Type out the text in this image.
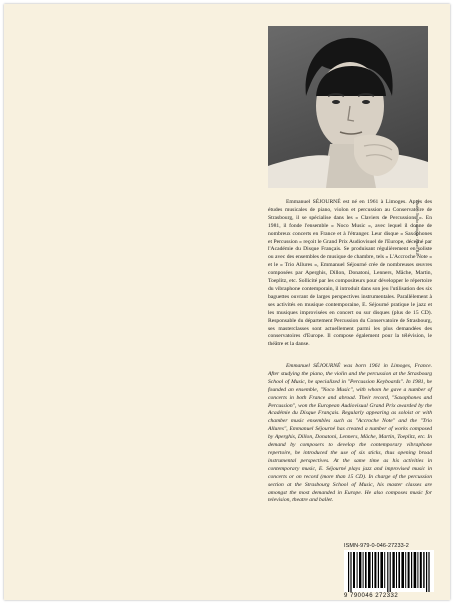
Photo : Studio optique · Photo B.L.

Emmanuel SÉJOURNÉ est né en 1961 à Limoges. Après des études musicales de piano, violon et percussion au Conservatoire de Strasbourg, il se spécialise dans les « Claviers de Percussions ». En 1981, il fonde l'ensemble « Noco Music », avec lequel il donne de nombreux concerts en France et à l'étranger. Leur disque « Saxophones et Percussion » reçoit le Grand Prix Audiovisuel de l'Europe, décerné par l'Académie du Disque Français. Se produisant régulièrement en soliste ou avec des ensembles de musique de chambre, tels « L'Accroche Note » et le « Trio Allures », Emmanuel Séjourné crée de nombreuses œuvres composées par Aperghis, Dillon, Donatoni, Lenners, Mâche, Martin, Toeplitz, etc. Sollicité par les compositeurs pour développer le répertoire du vibraphone contemporain, il introduit dans son jeu l'utilisation des six baguettes ouvrant de larges perspectives instrumentales. Parallèlement à ses activités en musique contemporaine, E. Séjourné pratique le jazz et les musiques improvisées en concert ou sur disques (plus de 15 CD). Responsable du département Percussion du Conservatoire de Strasbourg, ses masterclasses sont actuellement parmi les plus demandées des conservatoires d'Europe. Il compose également pour la télévision, le théâtre et la danse.

Emmanuel SÉJOURNÉ was born 1961 in Limoges, France. After studying the piano, the violin and the percussion at the Strasbourg School of Music, he specialized in "Percussion Keyboards". In 1981, he founded an ensemble, "Noco Music", with whom he gave a number of concerts in both France and abroad. Their record, "Saxophones and Percussion", won the European Audiovisual Grand Prix awarded by the Académie du Disque Français. Regularly appearing as soloist or with chamber music ensembles such as "Accroche Note" and the "Trio Allures", Emmanuel Séjourné has created a number of works composed by Aperghis, Dillon, Donatoni, Lenners, Mâche, Martin, Toeplitz, etc. In demand by composers to develop the contemporary vibraphone repertoire, he introduced the use of six sticks, thus opening broad instrumental perspectives. At the same time as his activities in contemporary music, E. Séjourné plays jazz and improvised music in concerts or on record (more than 15 CD). In charge of the percussion section at the Strasbourg School of Music, his master classes are amongst the most demanded in Europe. He also composes music for television, theatre and ballet.

ISMN-979-0-046-27233-2
9 790046 272332
